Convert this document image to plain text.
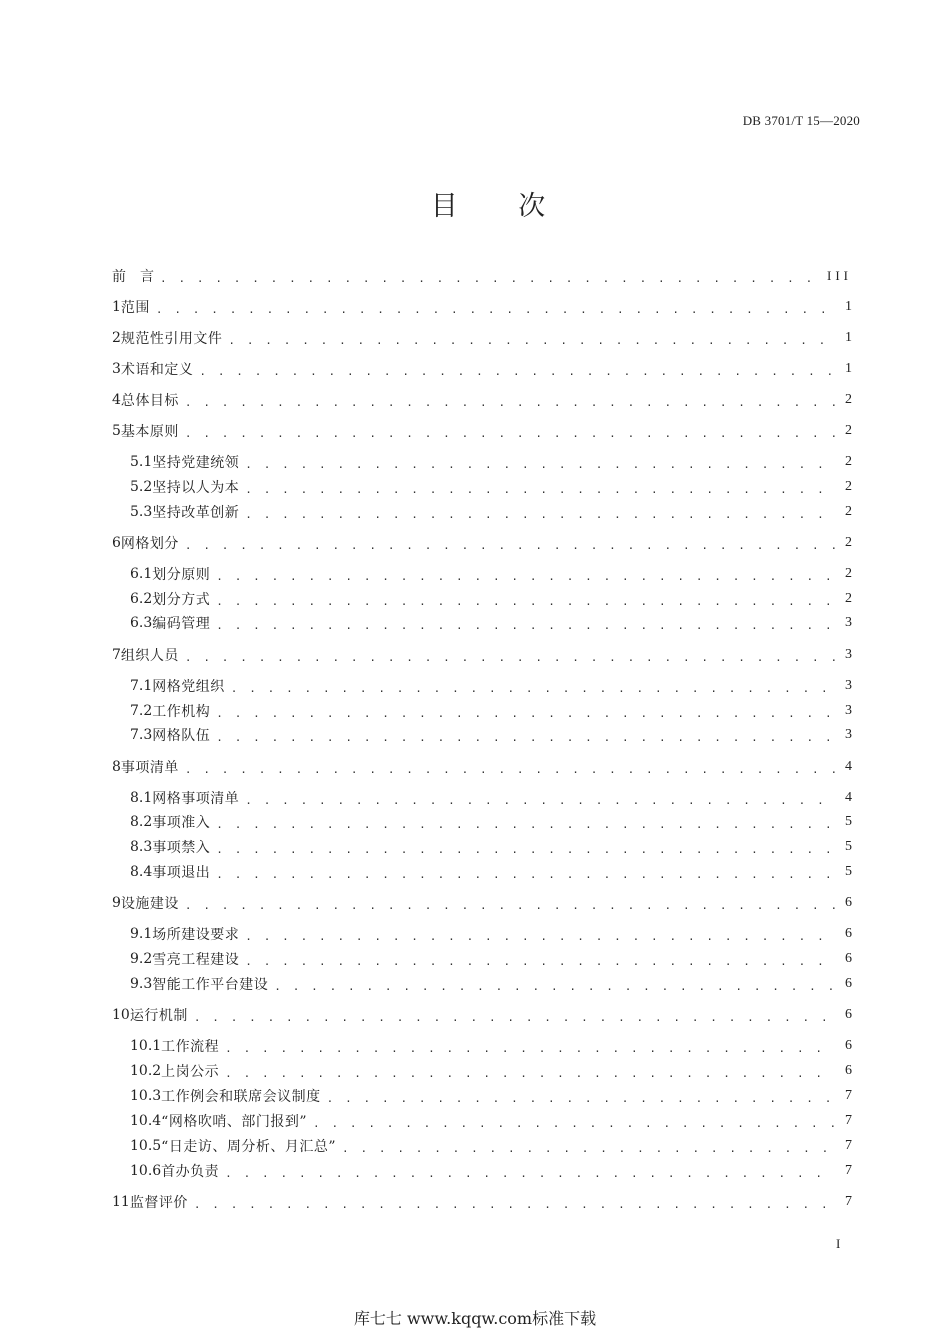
DB 3701/T 15—2020
目 次
前　言 . . .	III
1 范围 . . .	1
2 规范性引用文件 . . .	1
3 术语和定义 . . .	1
4 总体目标 . . .	2
5 基本原则 . . .	2
5.1 坚持党建统领 . . .	2
5.2 坚持以人为本 . . .	2
5.3 坚持改革创新 . . .	2
6 网格划分 . . .	2
6.1 划分原则 . . .	2
6.2 划分方式 . . .	2
6.3 编码管理 . . .	3
7 组织人员 . . .	3
7.1 网格党组织 . . .	3
7.2 工作机构 . . .	3
7.3 网格队伍 . . .	3
8 事项清单 . . .	4
8.1 网格事项清单 . . .	4
8.2 事项准入 . . .	5
8.3 事项禁入 . . .	5
8.4 事项退出 . . .	5
9 设施建设 . . .	6
9.1 场所建设要求 . . .	6
9.2 雪亮工程建设 . . .	6
9.3 智能工作平台建设 . . .	6
10 运行机制 . . .	6
10.1 工作流程 . . .	6
10.2 上岗公示 . . .	6
10.3 工作例会和联席会议制度 . . .	7
10.4 “网格吹哨、部门报到” . . .	7
10.5 “日走访、周分析、月汇总” . . .	7
10.6 首办负责 . . .	7
11 监督评价 . . .	7
I
库七七 www.kqqw.com标准下载
